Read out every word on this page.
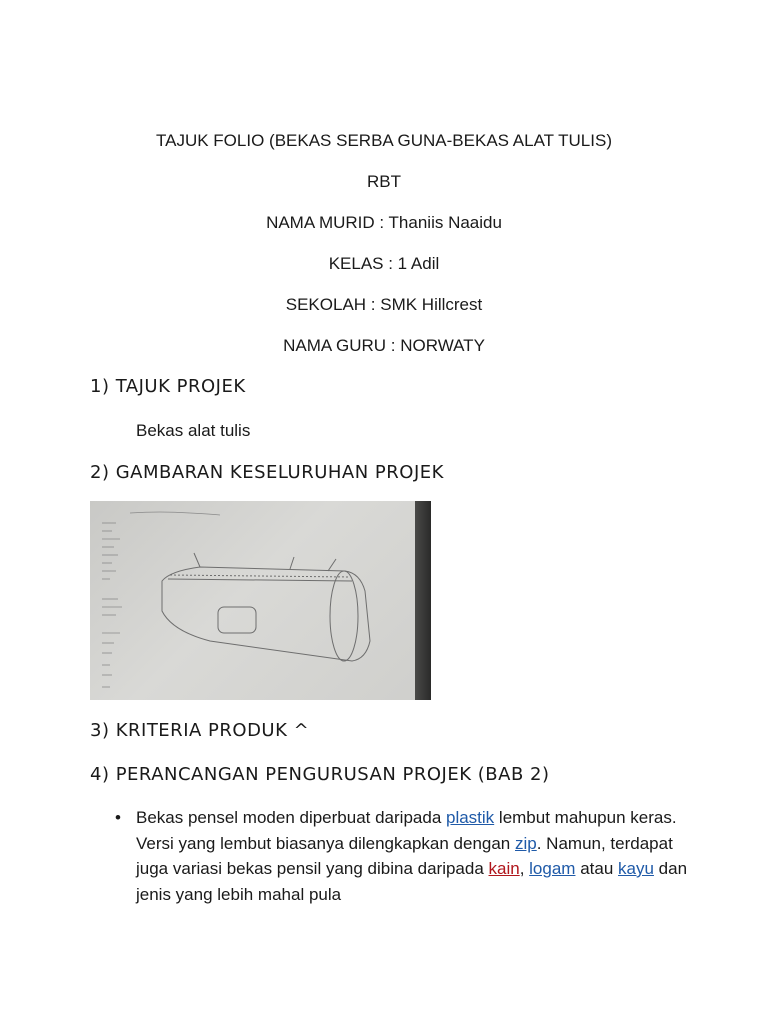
TAJUK FOLIO (BEKAS SERBA GUNA-BEKAS ALAT TULIS)
RBT
NAMA MURID : Thaniis Naaidu
KELAS : 1 Adil
SEKOLAH : SMK Hillcrest
NAMA GURU : NORWATY
1) TAJUK PROJEK
Bekas alat tulis
2) GAMBARAN KESELURUHAN PROJEK
3) KRITERIA PRODUK ^
4) PERANCANGAN PENGURUSAN PROJEK (BAB 2)
• Bekas pensel moden diperbuat daripada plastik lembut mahupun keras. Versi yang lembut biasanya dilengkapkan dengan zip. Namun, terdapat juga variasi bekas pensil yang dibina daripada kain, logam atau kayu dan jenis yang lebih mahal pula
